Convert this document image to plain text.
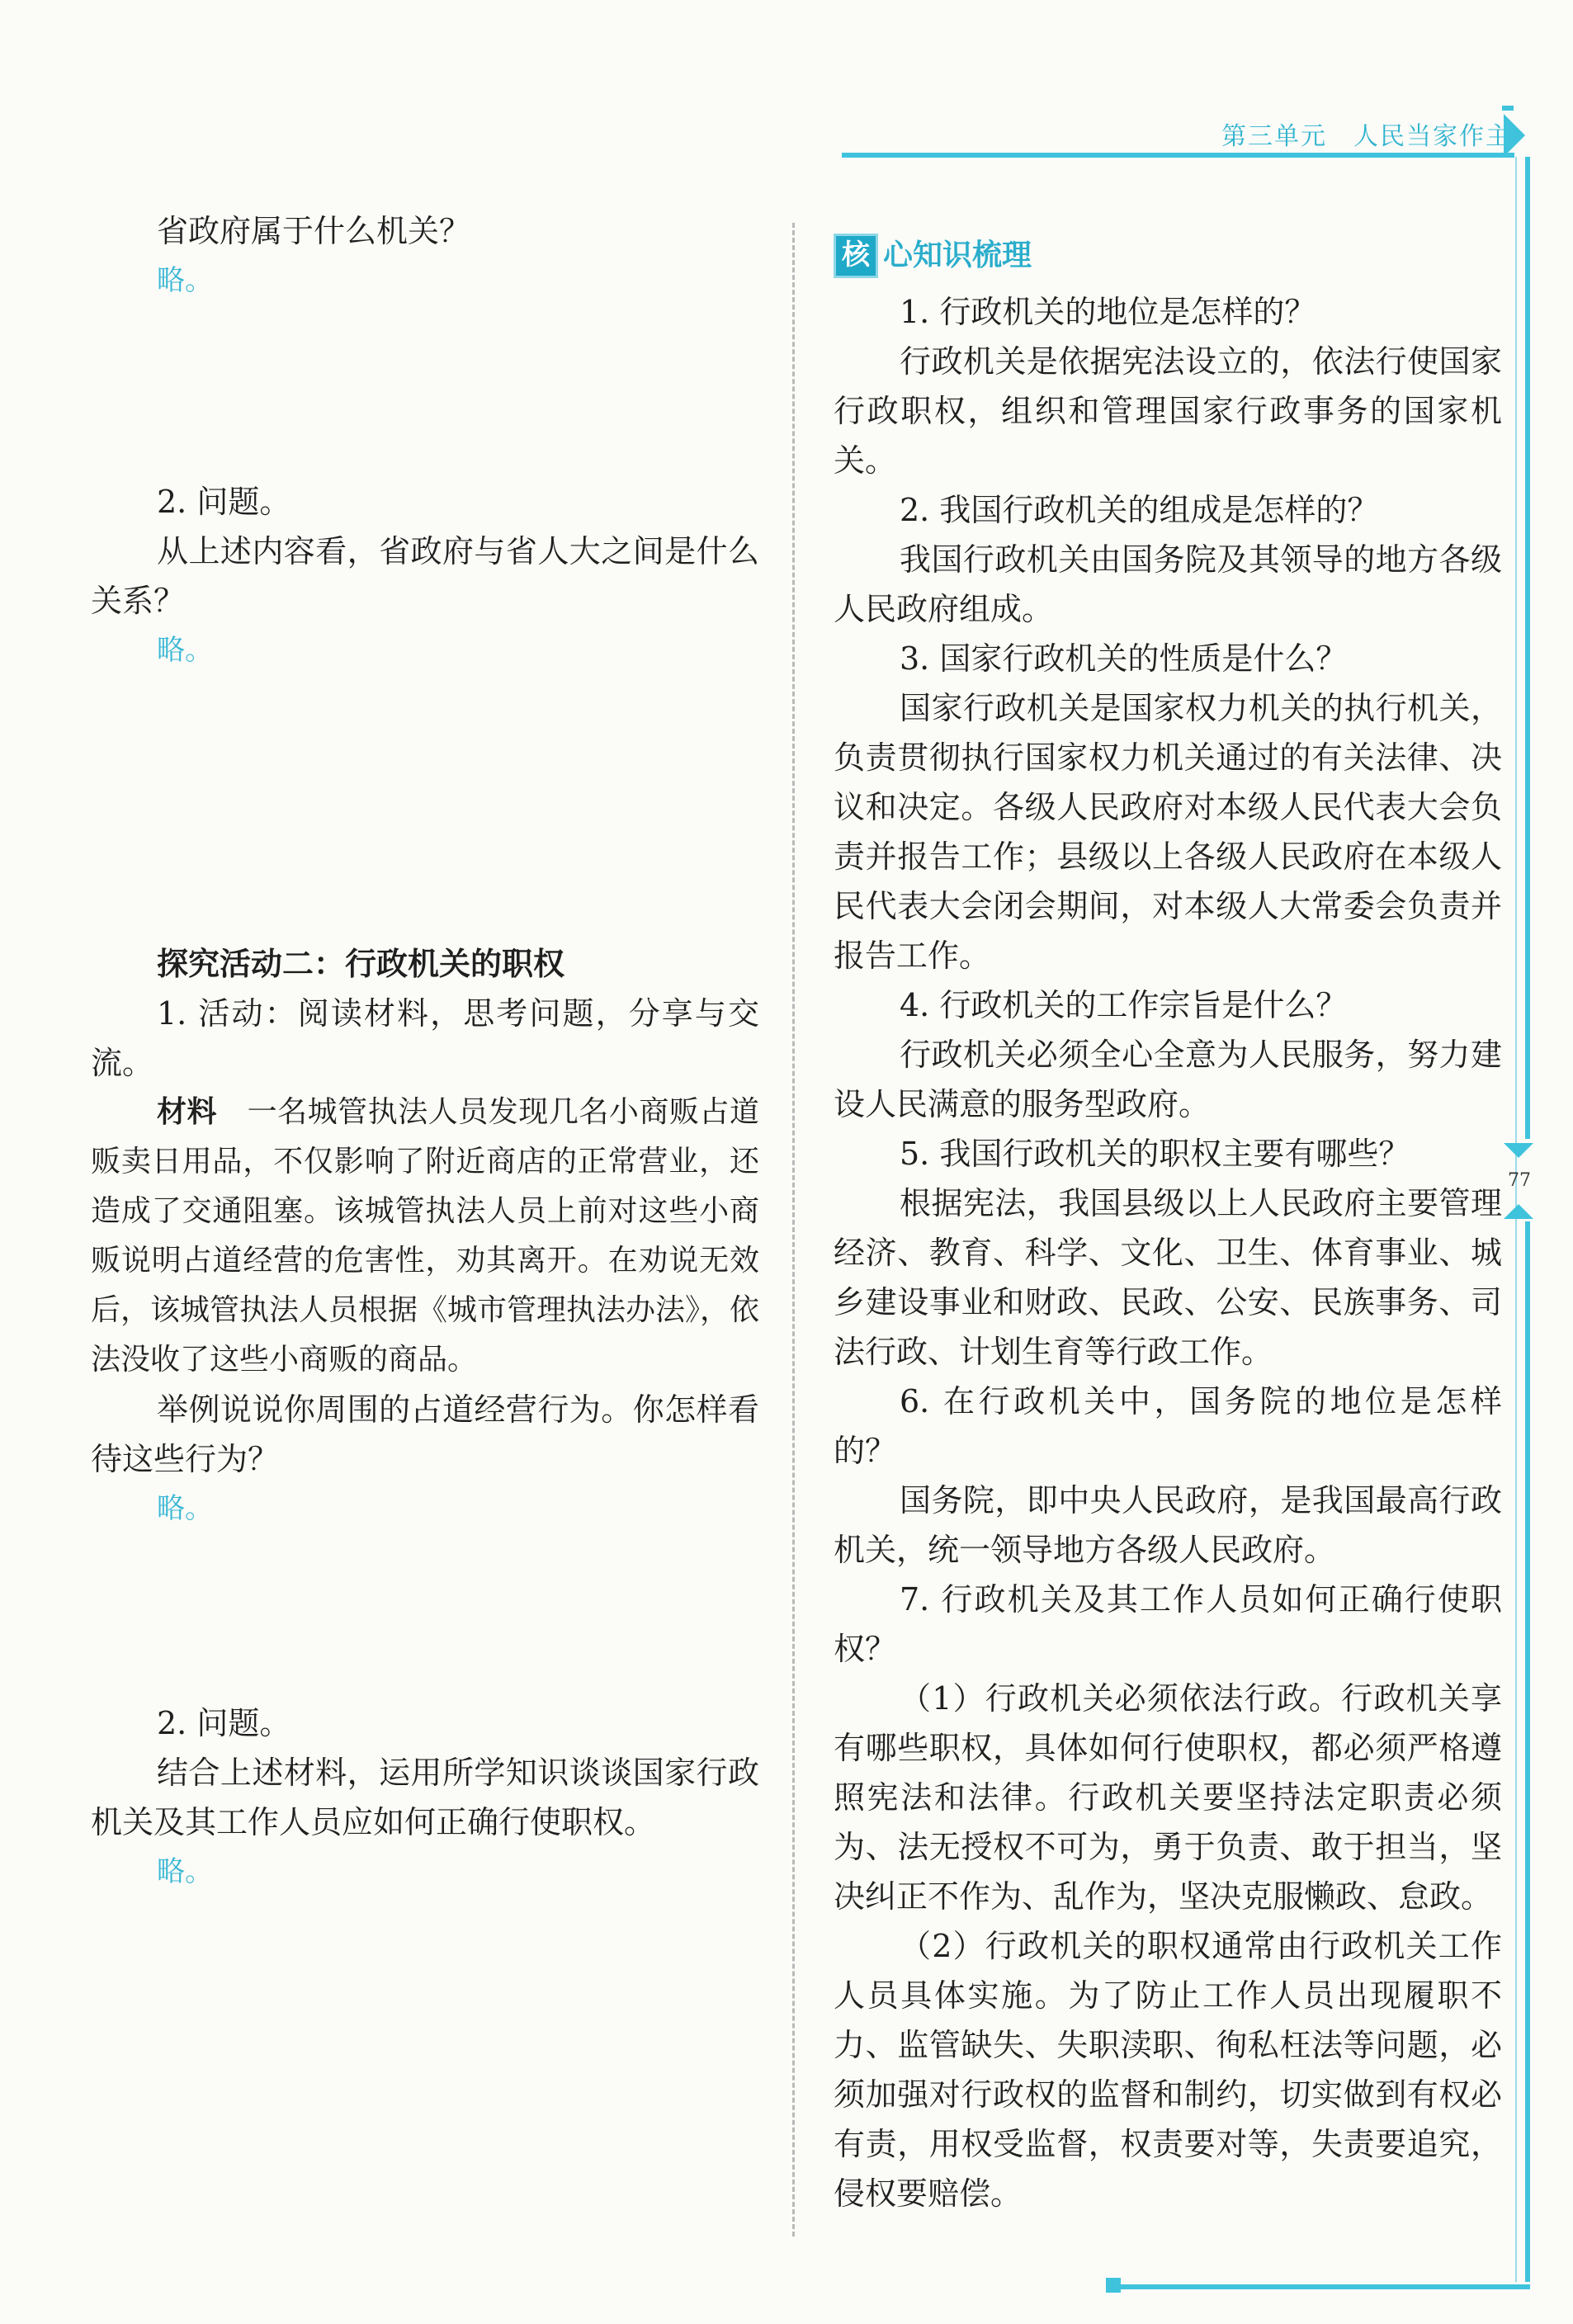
第三单元　人民当家作主
77

省政府属于什么机关？

略。

2. 问题。

从上述内容看，省政府与省人大之间是什么关系？

略。

探究活动二：行政机关的职权

1. 活动：阅读材料，思考问题，分享与交流。

材料　 一名城管执法人员发现几名小商贩占道贩卖日用品，不仅影响了附近商店的正常营业，还造成了交通阻塞。该城管执法人员上前对这些小商贩说明占道经营的危害性，劝其离开。在劝说无效后，该城管执法人员根据《城市管理执法办法》，依法没收了这些小商贩的商品。

举例说说你周围的占道经营行为。你怎样看待这些行为？

略。

2. 问题。

结合上述材料，运用所学知识谈谈国家行政机关及其工作人员应如何正确行使职权。

略。

核 心知识梳理

1. 行政机关的地位是怎样的？

行政机关是依据宪法设立的，依法行使国家行政职权，组织和管理国家行政事务的国家机关。

2. 我国行政机关的组成是怎样的？

我国行政机关由国务院及其领导的地方各级人民政府组成。

3. 国家行政机关的性质是什么？

国家行政机关是国家权力机关的执行机关，负责贯彻执行国家权力机关通过的有关法律、决议和决定。各级人民政府对本级人民代表大会负责并报告工作；县级以上各级人民政府在本级人民代表大会闭会期间，对本级人大常委会负责并报告工作。

4. 行政机关的工作宗旨是什么？

行政机关必须全心全意为人民服务，努力建设人民满意的服务型政府。

5. 我国行政机关的职权主要有哪些？

根据宪法，我国县级以上人民政府主要管理经济、教育、科学、文化、卫生、体育事业、城乡建设事业和财政、民政、公安、民族事务、司法行政、计划生育等行政工作。

6. 在行政机关中，国务院的地位是怎样的？

国务院，即中央人民政府，是我国最高行政机关，统一领导地方各级人民政府。

7. 行政机关及其工作人员如何正确行使职权？

（1）行政机关必须依法行政。行政机关享有哪些职权，具体如何行使职权，都必须严格遵照宪法和法律。行政机关要坚持法定职责必须为、法无授权不可为，勇于负责、敢于担当，坚决纠正不作为、乱作为，坚决克服懒政、怠政。

（2）行政机关的职权通常由行政机关工作人员具体实施。为了防止工作人员出现履职不力、监管缺失、失职渎职、徇私枉法等问题，必须加强对行政权的监督和制约，切实做到有权必有责，用权受监督，权责要对等，失责要追究，侵权要赔偿。
